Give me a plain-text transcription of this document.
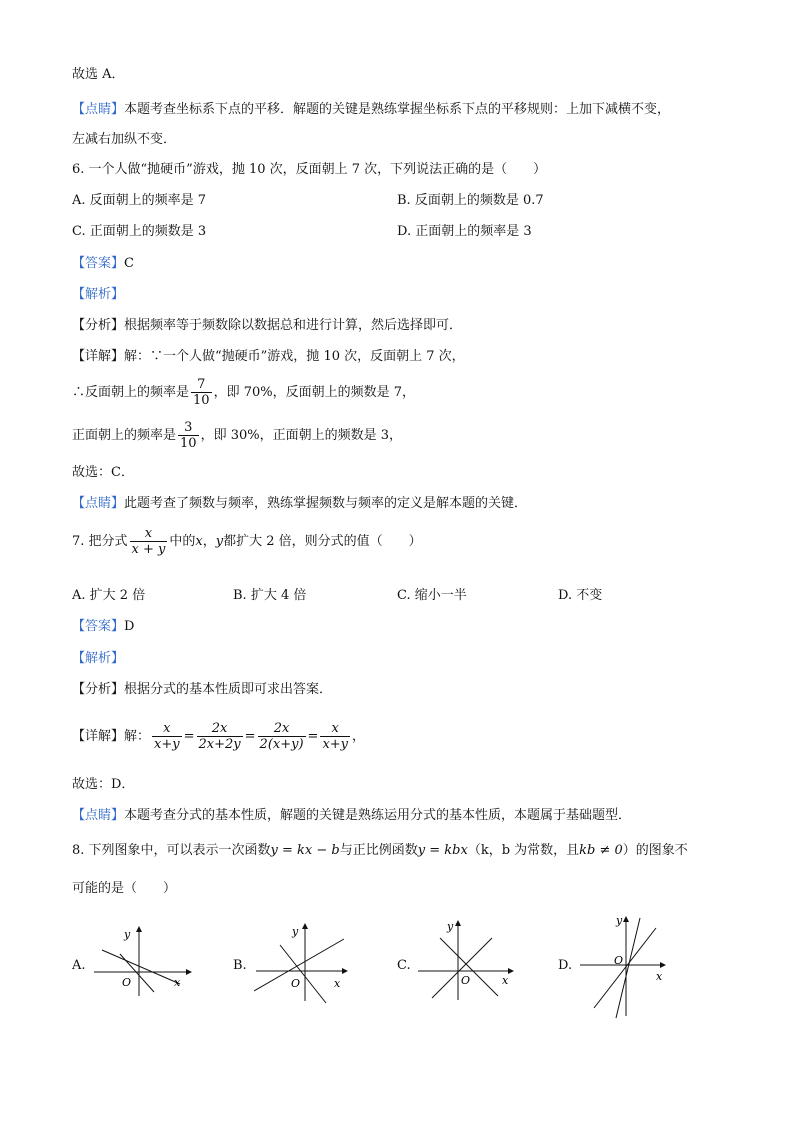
故选 A．
【点睛】本题考查坐标系下点的平移．解题的关键是熟练掌握坐标系下点的平移规则：上加下减横不变，
左减右加纵不变．
6. 一个人做“抛硬币”游戏，抛 10 次，反面朝上 7 次，下列说法正确的是（　　）
A. 反面朝上的频率是 7	B. 反面朝上的频数是 0.7
C. 正面朝上的频数是 3	D. 正面朝上的频率是 3
【答案】C
【解析】
【分析】根据频率等于频数除以数据总和进行计算，然后选择即可．
【详解】解：∵一个人做“抛硬币”游戏，抛 10 次，反面朝上 7 次，
∴反面朝上的频率是 $\frac{7}{10}$ ，即 70%，反面朝上的频数是 7，
正面朝上的频率是 $\frac{3}{10}$ ，即 30%，正面朝上的频数是 3，
故选：C．
【点睛】此题考查了频数与频率，熟练掌握频数与频率的定义是解本题的关键．
7. 把分式 $\frac{x}{x + y}$ 中的x，y都扩大 2 倍，则分式的值（　　）
A. 扩大 2 倍	B. 扩大 4 倍	C. 缩小一半	D. 不变
【答案】D
【解析】
【分析】根据分式的基本性质即可求出答案．
【详解】解： $\frac{x}{x+y} = \frac{2x}{2x+2y} = \frac{2x}{2(x+y)} = \frac{x}{x+y}$ ，
故选：D．
【点睛】本题考查分式的基本性质，解题的关键是熟练运用分式的基本性质，本题属于基础题型．
8. 下列图象中，可以表示一次函数y = kx − b与正比例函数y = kbx（k，b 为常数，且kb ≠ 0）的图象不
可能的是（　　）
A.
y
x
O
B.
y
x
O
C.
y
x
O
D.
y
x
O
